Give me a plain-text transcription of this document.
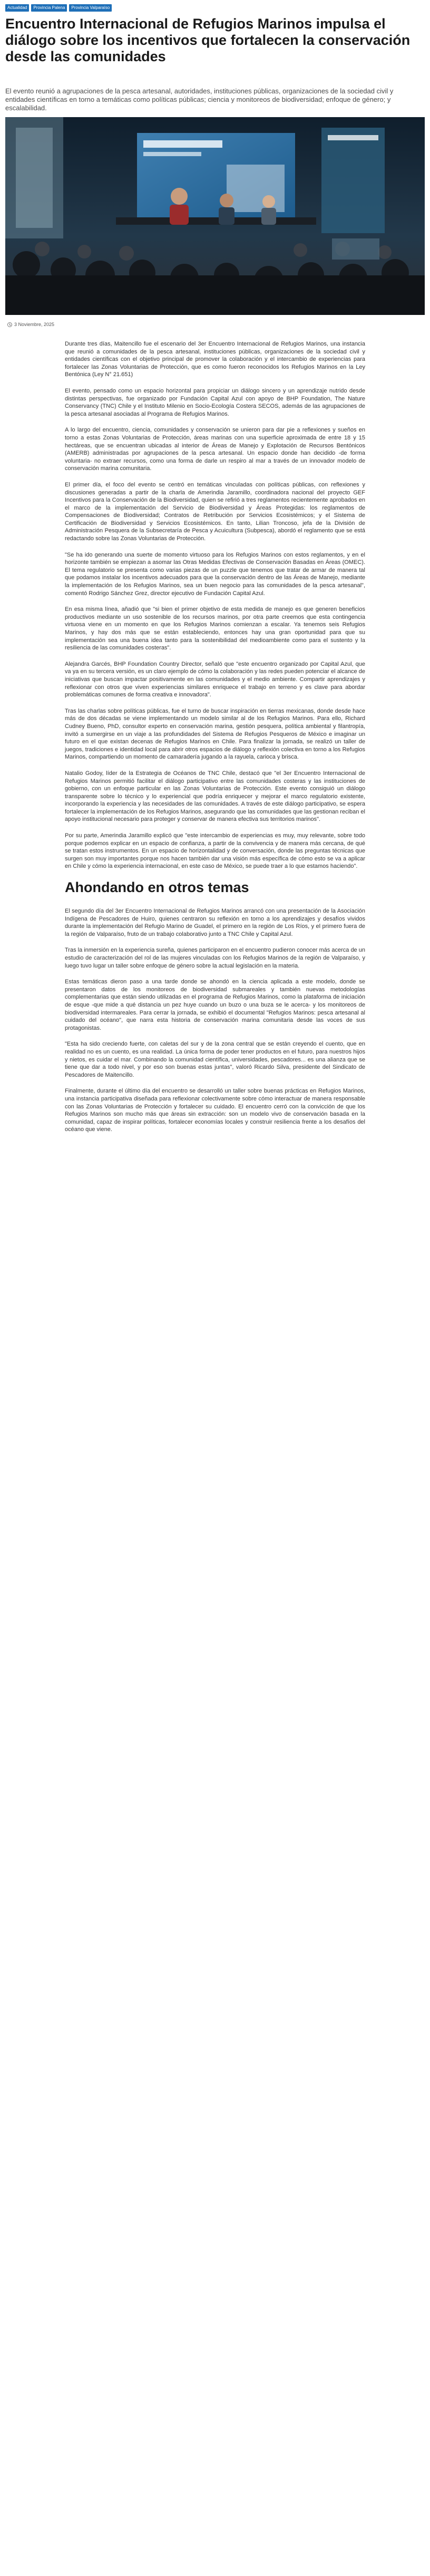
Actualidad	Provincia Palena	Provincia Valparaíso
Encuentro Internacional de Refugios Marinos impulsa el diálogo sobre los incentivos que fortalecen la conservación desde las comunidades

El evento reunió a agrupaciones de la pesca artesanal, autoridades, instituciones públicas, organizaciones de la sociedad civil y entidades científicas en torno a temáticas como políticas públicas; ciencia y monitoreos de biodiversidad; enfoque de género; y escalabilidad.

3 Noviembre, 2025

Durante tres días, Maitencillo fue el escenario del 3er Encuentro Internacional de Refugios Marinos, una instancia que reunió a comunidades de la pesca artesanal, instituciones públicas, organizaciones de la sociedad civil y entidades científicas con el objetivo principal de promover la colaboración y el intercambio de experiencias para fortalecer las Zonas Voluntarias de Protección, que es como fueron reconocidos los Refugios Marinos en la Ley Bentónica (Ley N° 21.651)

El evento, pensado como un espacio horizontal para propiciar un diálogo sincero y un aprendizaje nutrido desde distintas perspectivas, fue organizado por Fundación Capital Azul con apoyo de BHP Foundation, The Nature Conservancy (TNC) Chile y el Instituto Milenio en Socio-Ecología Costera SECOS, además de las agrupaciones de la pesca artesanal asociadas al Programa de Refugios Marinos.

A lo largo del encuentro, ciencia, comunidades y conservación se unieron para dar pie a reflexiones y sueños en torno a estas Zonas Voluntarias de Protección, áreas marinas con una superficie aproximada de entre 18 y 15 hectáreas, que se encuentran ubicadas al interior de Áreas de Manejo y Explotación de Recursos Bentónicos (AMERB) administradas por agrupaciones de la pesca artesanal. Un espacio donde han decidido -de forma voluntaria- no extraer recursos, como una forma de darle un respiro al mar a través de un innovador modelo de conservación marina comunitaria.

El primer día, el foco del evento se centró en temáticas vinculadas con políticas públicas, con reflexiones y discusiones generadas a partir de la charla de Amerindia Jaramillo, coordinadora nacional del proyecto GEF Incentivos para la Conservación de la Biodiversidad, quien se refirió a tres reglamentos recientemente aprobados en el marco de la implementación del Servicio de Biodiversidad y Áreas Protegidas: los reglamentos de Compensaciones de Biodiversidad; Contratos de Retribución por Servicios Ecosistémicos; y el Sistema de Certificación de Biodiversidad y Servicios Ecosistémicos. En tanto, Lilian Troncoso, jefa de la División de Administración Pesquera de la Subsecretaría de Pesca y Acuicultura (Subpesca), abordó el reglamento que se está redactando sobre las Zonas Voluntarias de Protección.

"Se ha ido generando una suerte de momento virtuoso para los Refugios Marinos con estos reglamentos, y en el horizonte también se empiezan a asomar las Otras Medidas Efectivas de Conservación Basadas en Áreas (OMEC). El tema regulatorio se presenta como varias piezas de un puzzle que tenemos que tratar de armar de manera tal que podamos instalar los incentivos adecuados para que la conservación dentro de las Áreas de Manejo, mediante la implementación de los Refugios Marinos, sea un buen negocio para las comunidades de la pesca artesanal", comentó Rodrigo Sánchez Grez, director ejecutivo de Fundación Capital Azul.

En esa misma línea, añadió que "si bien el primer objetivo de esta medida de manejo es que generen beneficios productivos mediante un uso sostenible de los recursos marinos, por otra parte creemos que esta contingencia virtuosa viene en un momento en que los Refugios Marinos comienzan a escalar. Ya tenemos seis Refugios Marinos, y hay dos más que se están estableciendo, entonces hay una gran oportunidad para que su implementación sea una buena idea tanto para la sostenibilidad del medioambiente como para el sustento y la resiliencia de las comunidades costeras".

Alejandra Garcés, BHP Foundation Country Director, señaló que "este encuentro organizado por Capital Azul, que va ya en su tercera versión, es un claro ejemplo de cómo la colaboración y las redes pueden potenciar el alcance de iniciativas que buscan impactar positivamente en las comunidades y el medio ambiente. Compartir aprendizajes y reflexionar con otros que viven experiencias similares enriquece el trabajo en terreno y es clave para abordar problemáticas comunes de forma creativa e innovadora".

Tras las charlas sobre políticas públicas, fue el turno de buscar inspiración en tierras mexicanas, donde desde hace más de dos décadas se viene implementando un modelo similar al de los Refugios Marinos. Para ello, Richard Cudney Bueno, PhD, consultor experto en conservación marina, gestión pesquera, política ambiental y filantropía, invitó a sumergirse en un viaje a las profundidades del Sistema de Refugios Pesqueros de México e imaginar un futuro en el que existan decenas de Refugios Marinos en Chile. Para finalizar la jornada, se realizó un taller de juegos, tradiciones e identidad local para abrir otros espacios de diálogo y reflexión colectiva en torno a los Refugios Marinos, compartiendo un momento de camaradería jugando a la rayuela, carioca y brisca.

Natalio Godoy, líder de la Estrategia de Océanos de TNC Chile, destacó que "el 3er Encuentro Internacional de Refugios Marinos permitió facilitar el diálogo participativo entre las comunidades costeras y las instituciones de gobierno, con un enfoque particular en las Zonas Voluntarias de Protección. Este evento consiguió un diálogo transparente sobre lo técnico y lo experiencial que podría enriquecer y mejorar el marco regulatorio existente, incorporando la experiencia y las necesidades de las comunidades. A través de este diálogo participativo, se espera fortalecer la implementación de los Refugios Marinos, asegurando que las comunidades que las gestionan reciban el apoyo institucional necesario para proteger y conservar de manera efectiva sus territorios marinos".

Por su parte, Amerindia Jaramillo explicó que "este intercambio de experiencias es muy, muy relevante, sobre todo porque podemos explicar en un espacio de confianza, a partir de la convivencia y de manera más cercana, de qué se tratan estos instrumentos. En un espacio de horizontalidad y de conversación, donde las preguntas técnicas que surgen son muy importantes porque nos hacen también dar una visión más específica de cómo esto se va a aplicar en Chile y cómo la experiencia internacional, en este caso de México, se puede traer a lo que estamos haciendo".

Ahondando en otros temas

El segundo día del 3er Encuentro Internacional de Refugios Marinos arrancó con una presentación de la Asociación Indígena de Pescadores de Huiro, quienes centraron su reflexión en torno a los aprendizajes y desafíos vividos durante la implementación del Refugio Marino de Guadel, el primero en la región de Los Ríos, y el primero fuera de la región de Valparaíso, fruto de un trabajo colaborativo junto a TNC Chile y Capital Azul.

Tras la inmersión en la experiencia sureña, quienes participaron en el encuentro pudieron conocer más acerca de un estudio de caracterización del rol de las mujeres vinculadas con los Refugios Marinos de la región de Valparaíso, y luego tuvo lugar un taller sobre enfoque de género sobre la actual legislación en la materia.

Estas temáticas dieron paso a una tarde donde se ahondó en la ciencia aplicada a este modelo, donde se presentaron datos de los monitoreos de biodiversidad submareales y también nuevas metodologías complementarias que están siendo utilizadas en el programa de Refugios Marinos, como la plataforma de iniciación de esque -que mide a qué distancia un pez huye cuando un buzo o una buza se le acerca- y los monitoreos de biodiversidad intermareales. Para cerrar la jornada, se exhibió el documental "Refugios Marinos: pesca artesanal al cuidado del océano", que narra esta historia de conservación marina comunitaria desde las voces de sus protagonistas.

"Esta ha sido creciendo fuerte, con caletas del sur y de la zona central que se están creyendo el cuento, que en realidad no es un cuento, es una realidad. La única forma de poder tener productos en el futuro, para nuestros hijos y nietos, es cuidar el mar. Combinando la comunidad científica, universidades, pescadores... es una alianza que se tiene que dar a todo nivel, y por eso son buenas estas juntas", valoró Ricardo Silva, presidente del Sindicato de Pescadores de Maitencillo.

Finalmente, durante el último día del encuentro se desarrolló un taller sobre buenas prácticas en Refugios Marinos, una instancia participativa diseñada para reflexionar colectivamente sobre cómo interactuar de manera responsable con las Zonas Voluntarias de Protección y fortalecer su cuidado. El encuentro cerró con la convicción de que los Refugios Marinos son mucho más que áreas sin extracción: son un modelo vivo de conservación basada en la comunidad, capaz de inspirar políticas, fortalecer economías locales y construir resiliencia frente a los desafíos del océano que viene.
